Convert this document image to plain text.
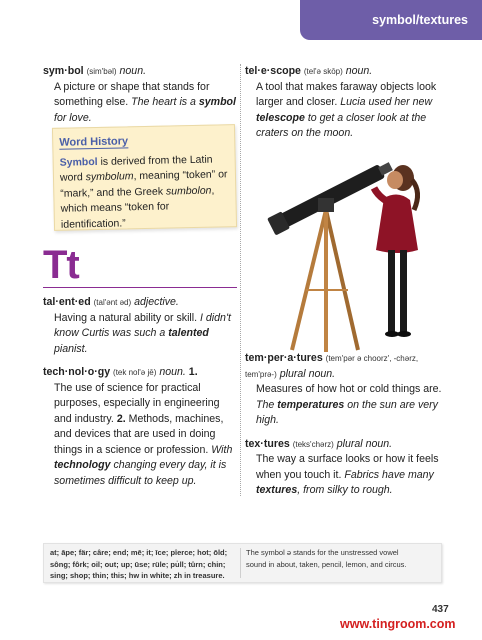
symbol/textures
sym·bol (sim'bəl) noun.
A picture or shape that stands for something else. The heart is a symbol for love.
Word History
Symbol is derived from the Latin word symbolum, meaning “token” or “mark,” and the Greek sumbolon, which means “token for identification.”
Tt
tal·ent·ed (tal'ənt əd) adjective.
Having a natural ability or skill. I didn't know Curtis was such a talented pianist.
tech·nol·o·gy (tek nol'ə jē) noun. 1.
The use of science for practical purposes, especially in engineering and industry. 2. Methods, machines, and devices that are used in doing things in a science or profession. With technology changing every day, it is sometimes difficult to keep up.
tel·e·scope (tel'ə skōp) noun.
A tool that makes faraway objects look larger and closer. Lucia used her new telescope to get a closer look at the craters on the moon.
tem·per·a·tures (tem'pər ə choorz', -chərz, tem'prə-) plural noun.
Measures of how hot or cold things are. The temperatures on the sun are very high.
tex·tures (teks'chərz) plural noun.
The way a surface looks or how it feels when you touch it. Fabrics have many textures, from silky to rough.
at; āpe; fär; câre; end; mē; it; īce; pîerce; hot; ōld;
sông; fôrk; oil; out; up; ūse; rüle; pu̇ll; tûrn; chin;
sing; shop; thin; this; hw in white; zh in treasure.
The symbol ə stands for the unstressed vowel
sound in about, taken, pencil, lemon, and circus.
437
www.tingroom.com
